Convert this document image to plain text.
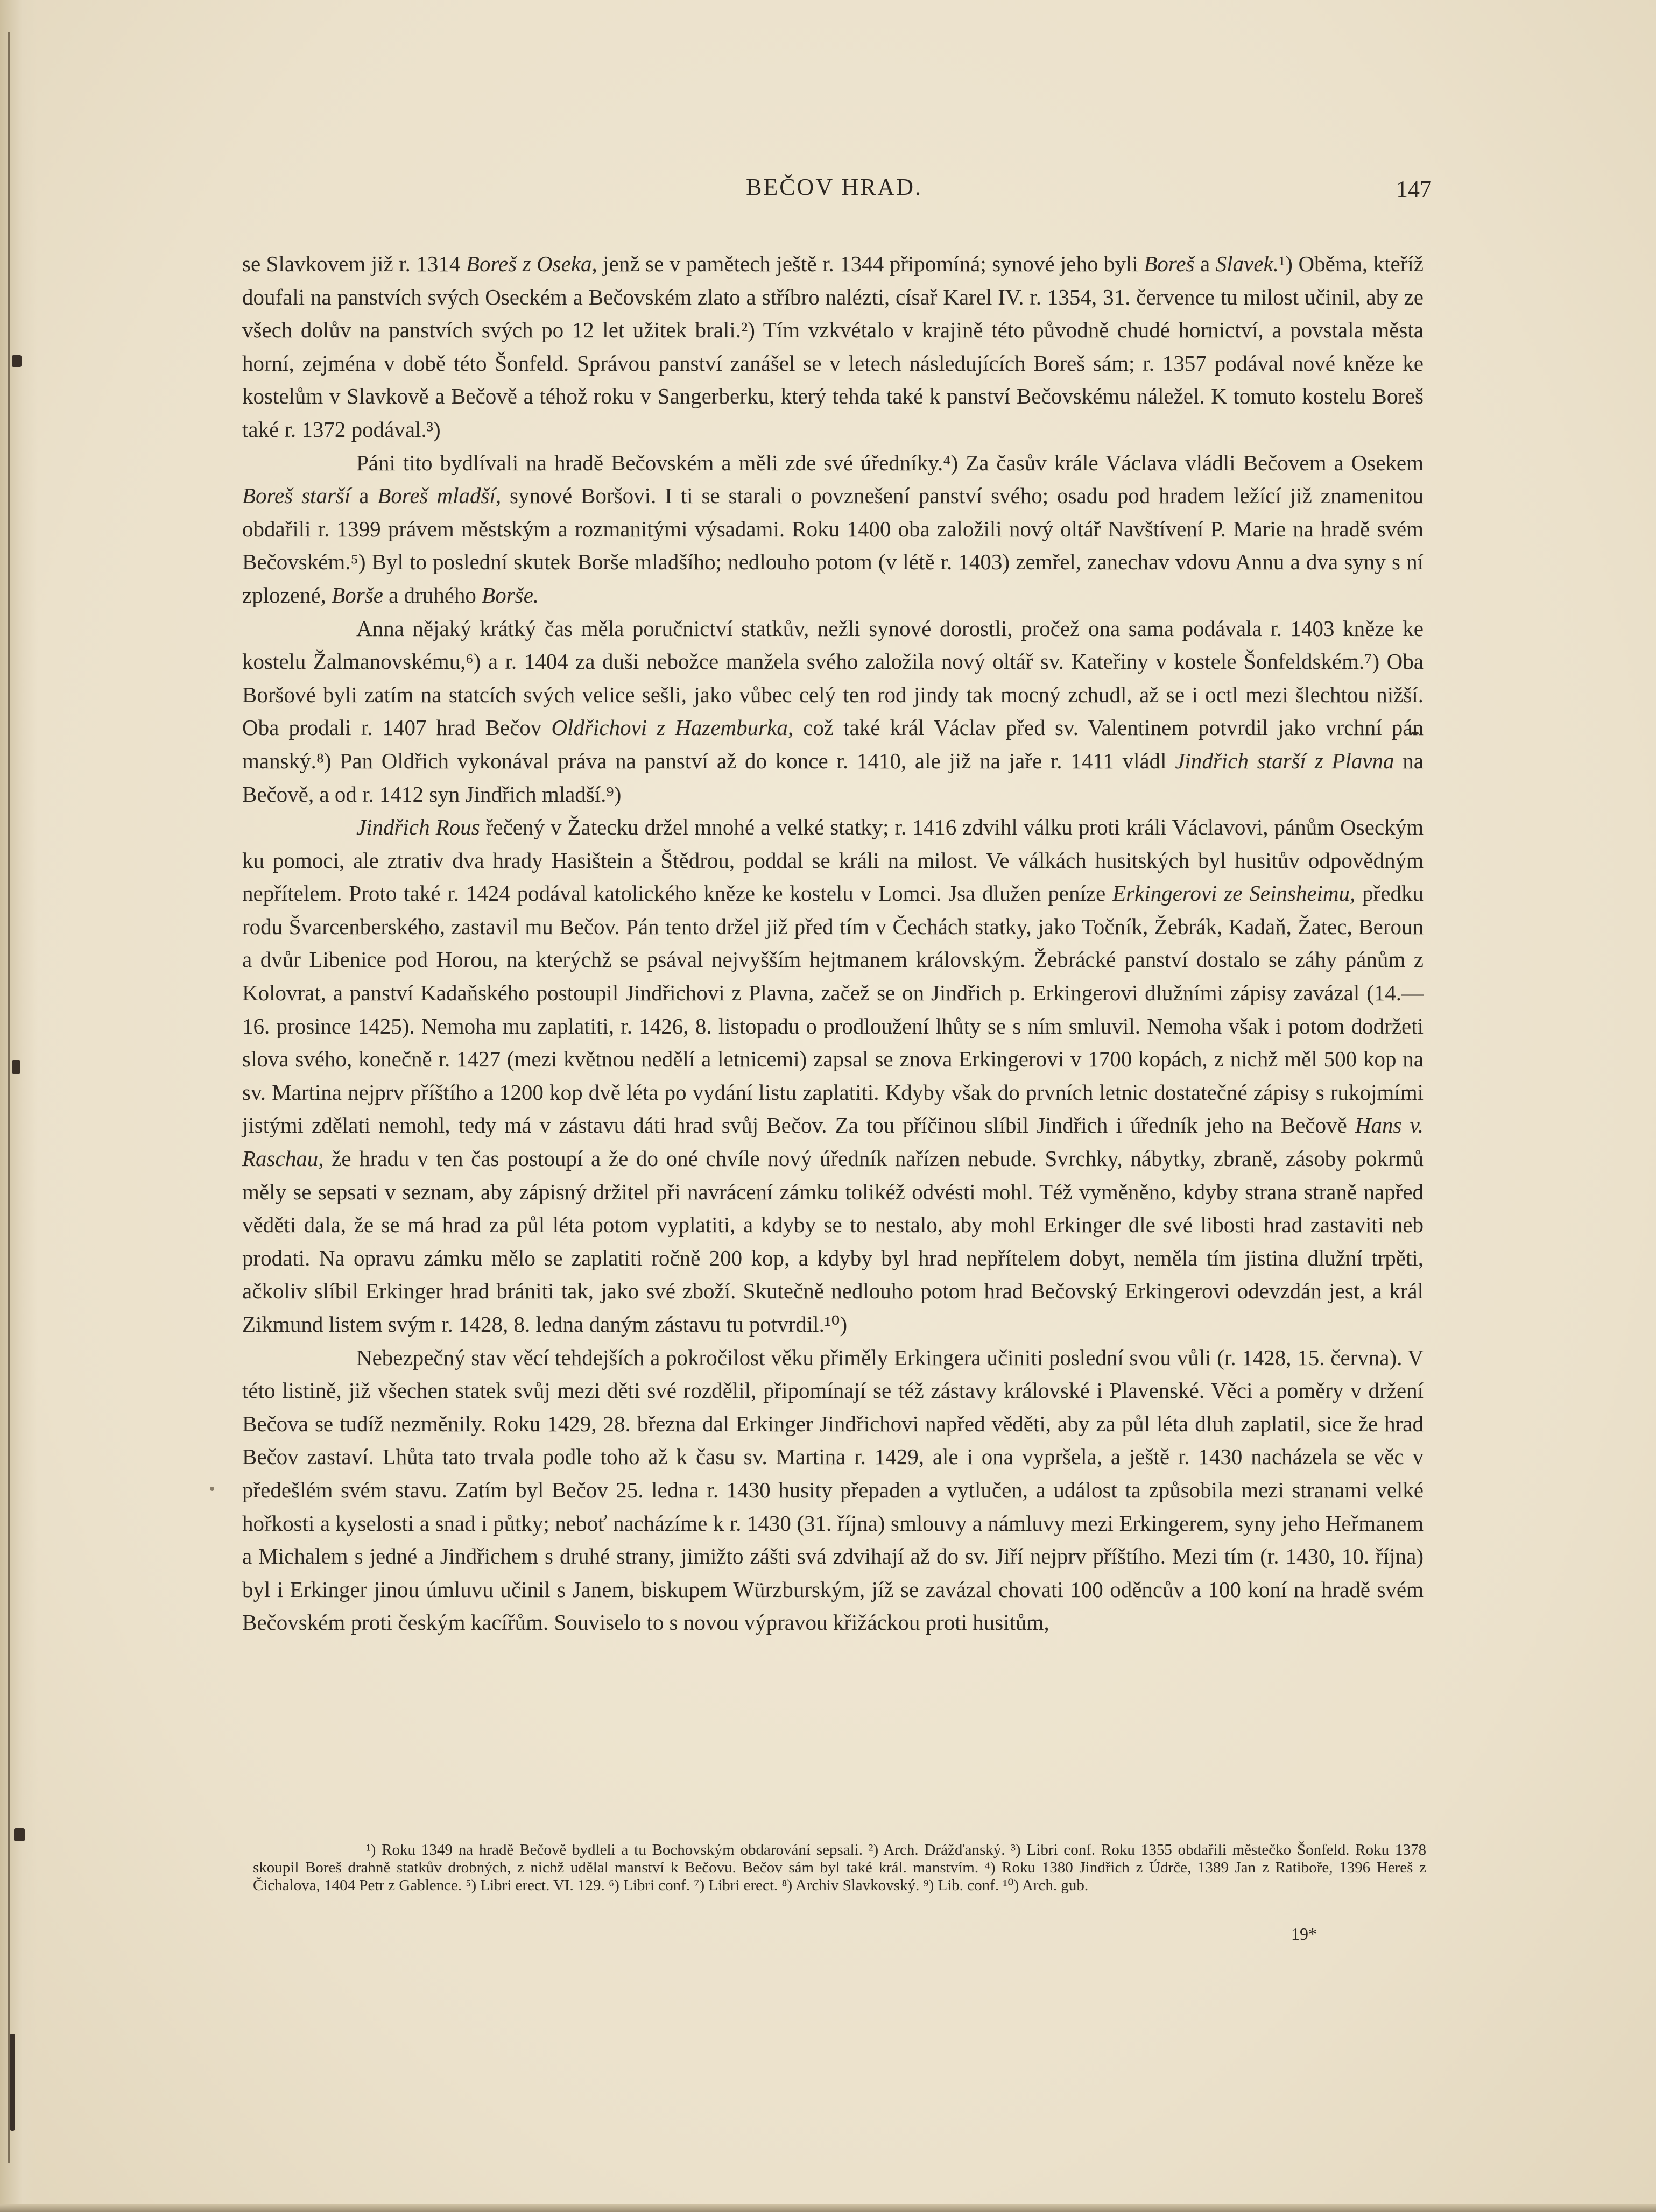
BEČOV HRAD.	147

se Slavkovem již r. 1314 Boreš z Oseka, jenž se v pamětech ještě r. 1344 připomíná; synové jeho byli Boreš a Slavek.¹) Oběma, kteříž doufali na panstvích svých Oseckém a Bečovském zlato a stříbro nalézti, císař Karel IV. r. 1354, 31. července tu milost učinil, aby ze všech dolův na panstvích svých po 12 let užitek brali.²) Tím vzkvétalo v krajině této původně chudé hornictví, a povstala města horní, zejména v době této Šonfeld. Správou panství zanášel se v letech následujících Boreš sám; r. 1357 podával nové kněze ke kostelům v Slavkově a Bečově a téhož roku v Sangerberku, který tehda také k panství Bečovskému náležel. K tomuto kostelu Boreš také r. 1372 podával.³)

Páni tito bydlívali na hradě Bečovském a měli zde své úředníky.⁴) Za časův krále Václava vládli Bečovem a Osekem Boreš starší a Boreš mladší, synové Boršovi. I ti se starali o povznešení panství svého; osadu pod hradem ležící již znamenitou obdařili r. 1399 právem městským a rozmanitými výsadami. Roku 1400 oba založili nový oltář Navštívení P. Marie na hradě svém Bečovském.⁵) Byl to poslední skutek Borše mladšího; nedlouho potom (v létě r. 1403) zemřel, zanechav vdovu Annu a dva syny s ní zplozené, Borše a druhého Borše.

Anna nějaký krátký čas měla poručnictví statkův, nežli synové dorostli, pročež ona sama podávala r. 1403 kněze ke kostelu Žalmanovskému,⁶) a r. 1404 za duši nebožce manžela svého založila nový oltář sv. Kateřiny v kostele Šonfeldském.⁷) Oba Boršové byli zatím na statcích svých velice sešli, jako vůbec celý ten rod jindy tak mocný zchudl, až se i octl mezi šlechtou nižší. Oba prodali r. 1407 hrad Bečov Oldřichovi z Hazemburka, což také král Václav před sv. Valentinem potvrdil jako vrchní pán manský.⁸) Pan Oldřich vykonával práva na panství až do konce r. 1410, ale již na jaře r. 1411 vládl Jindřich starší z Plavna na Bečově, a od r. 1412 syn Jindřich mladší.⁹)

Jindřich Rous řečený v Žatecku držel mnohé a velké statky; r. 1416 zdvihl válku proti králi Václavovi, pánům Oseckým ku pomoci, ale ztrativ dva hrady Hasištein a Štědrou, poddal se králi na milost. Ve válkách husitských byl husitův odpovědným nepřítelem. Proto také r. 1424 podával katolického kněze ke kostelu v Lomci. Jsa dlužen peníze Erkingerovi ze Seinsheimu, předku rodu Švarcenberského, zastavil mu Bečov. Pán tento držel již před tím v Čechách statky, jako Točník, Žebrák, Kadaň, Žatec, Beroun a dvůr Libenice pod Horou, na kterýchž se psával nejvyšším hejtmanem královským. Žebrácké panství dostalo se záhy pánům z Kolovrat, a panství Kadaňského postoupil Jindřichovi z Plavna, začež se on Jindřich p. Erkingerovi dlužními zápisy zavázal (14.—16. prosince 1425). Nemoha mu zaplatiti, r. 1426, 8. listopadu o prodloužení lhůty se s ním smluvil. Nemoha však i potom dodržeti slova svého, konečně r. 1427 (mezi květnou nedělí a letnicemi) zapsal se znova Erkingerovi v 1700 kopách, z nichž měl 500 kop na sv. Martina nejprv příštího a 1200 kop dvě léta po vydání listu zaplatiti. Kdyby však do prvních letnic dostatečné zápisy s rukojmími jistými zdělati nemohl, tedy má v zástavu dáti hrad svůj Bečov. Za tou příčinou slíbil Jindřich i úředník jeho na Bečově Hans v. Raschau, že hradu v ten čas postoupí a že do oné chvíle nový úředník nařízen nebude. Svrchky, nábytky, zbraně, zásoby pokrmů měly se sepsati v seznam, aby zápisný držitel při navrácení zámku tolikéž odvésti mohl. Též vyměněno, kdyby strana straně napřed věděti dala, že se má hrad za půl léta potom vyplatiti, a kdyby se to nestalo, aby mohl Erkinger dle své libosti hrad zastaviti neb prodati. Na opravu zámku mělo se zaplatiti ročně 200 kop, a kdyby byl hrad nepřítelem dobyt, neměla tím jistina dlužní trpěti, ačkoliv slíbil Erkinger hrad brániti tak, jako své zboží. Skutečně nedlouho potom hrad Bečovský Erkingerovi odevzdán jest, a král Zikmund listem svým r. 1428, 8. ledna daným zástavu tu potvrdil.¹⁰)

Nebezpečný stav věcí tehdejších a pokročilost věku přiměly Erkingera učiniti poslední svou vůli (r. 1428, 15. června). V této listině, již všechen statek svůj mezi děti své rozdělil, připomínají se též zástavy královské i Plavenské. Věci a poměry v držení Bečova se tudíž nezměnily. Roku 1429, 28. března dal Erkinger Jindřichovi napřed věděti, aby za půl léta dluh zaplatil, sice že hrad Bečov zastaví. Lhůta tato trvala podle toho až k času sv. Martina r. 1429, ale i ona vypršela, a ještě r. 1430 nacházela se věc v předešlém svém stavu. Zatím byl Bečov 25. ledna r. 1430 husity přepaden a vytlučen, a událost ta způsobila mezi stranami velké hořkosti a kyselosti a snad i půtky; neboť nacházíme k r. 1430 (31. října) smlouvy a námluvy mezi Erkingerem, syny jeho Heřmanem a Michalem s jedné a Jindřichem s druhé strany, jimižto zášti svá zdvihají až do sv. Jiří nejprv příštího. Mezi tím (r. 1430, 10. října) byl i Erkinger jinou úmluvu učinil s Janem, biskupem Würzburským, jíž se zavázal chovati 100 oděncův a 100 koní na hradě svém Bečovském proti českým kacířům. Souviselo to s novou výpravou křižáckou proti husitům,

¹) Roku 1349 na hradě Bečově bydleli a tu Bochovským obdarování sepsali. ²) Arch. Drážďanský. ³) Libri conf. Roku 1355 obdařili městečko Šonfeld. Roku 1378 skoupil Boreš drahně statkův drobných, z nichž udělal manství k Bečovu. Bečov sám byl také král. manstvím. ⁴) Roku 1380 Jindřich z Údrče, 1389 Jan z Ratiboře, 1396 Hereš z Čichalova, 1404 Petr z Gablence. ⁵) Libri erect. VI. 129. ⁶) Libri conf. ⁷) Libri erect. ⁸) Archiv Slavkovský. ⁹) Lib. conf. ¹⁰) Arch. gub.

19*
